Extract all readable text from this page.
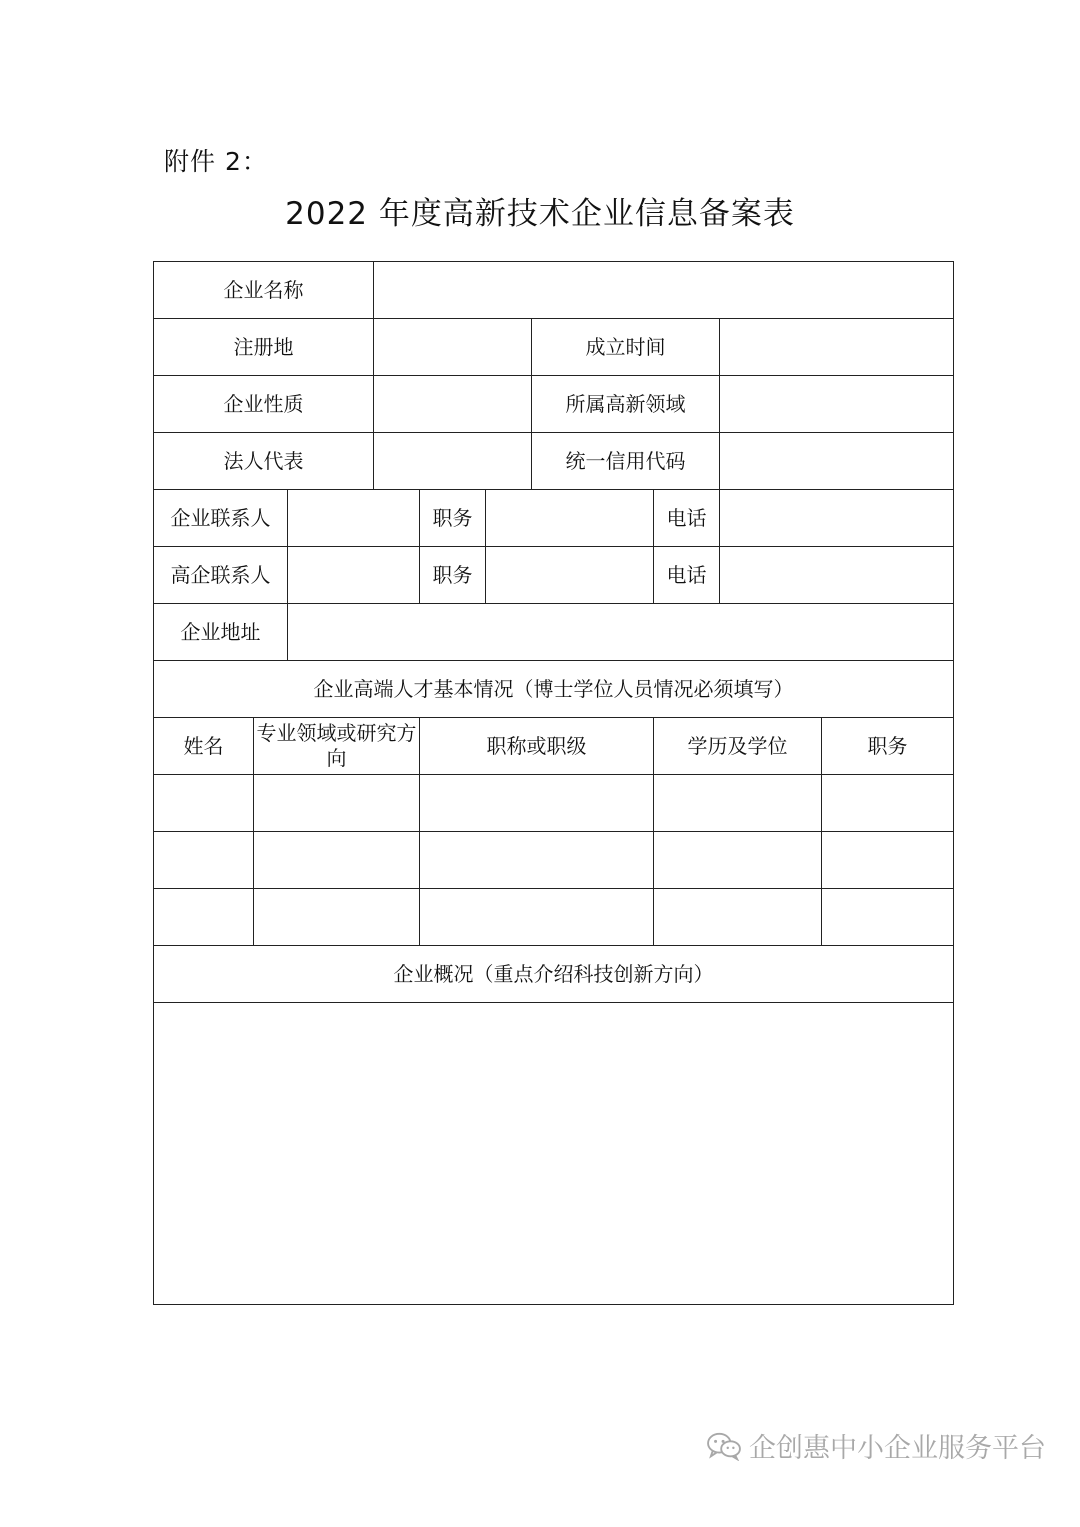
附件 2：
2022 年度高新技术企业信息备案表
企业名称									
注册地						成立时间			
企业性质						所属高新领域			
法人代表						统一信用代码			
企业联系人				职务			电话		
高企联系人				职务			电话		
企业地址									
企业高端人才基本情况（博士学位人员情况必须填写）									
姓名	专业领域或研究方向			职称或职级			学历及学位		职务

企业概况（重点介绍科技创新方向）									

企创惠中小企业服务平台
